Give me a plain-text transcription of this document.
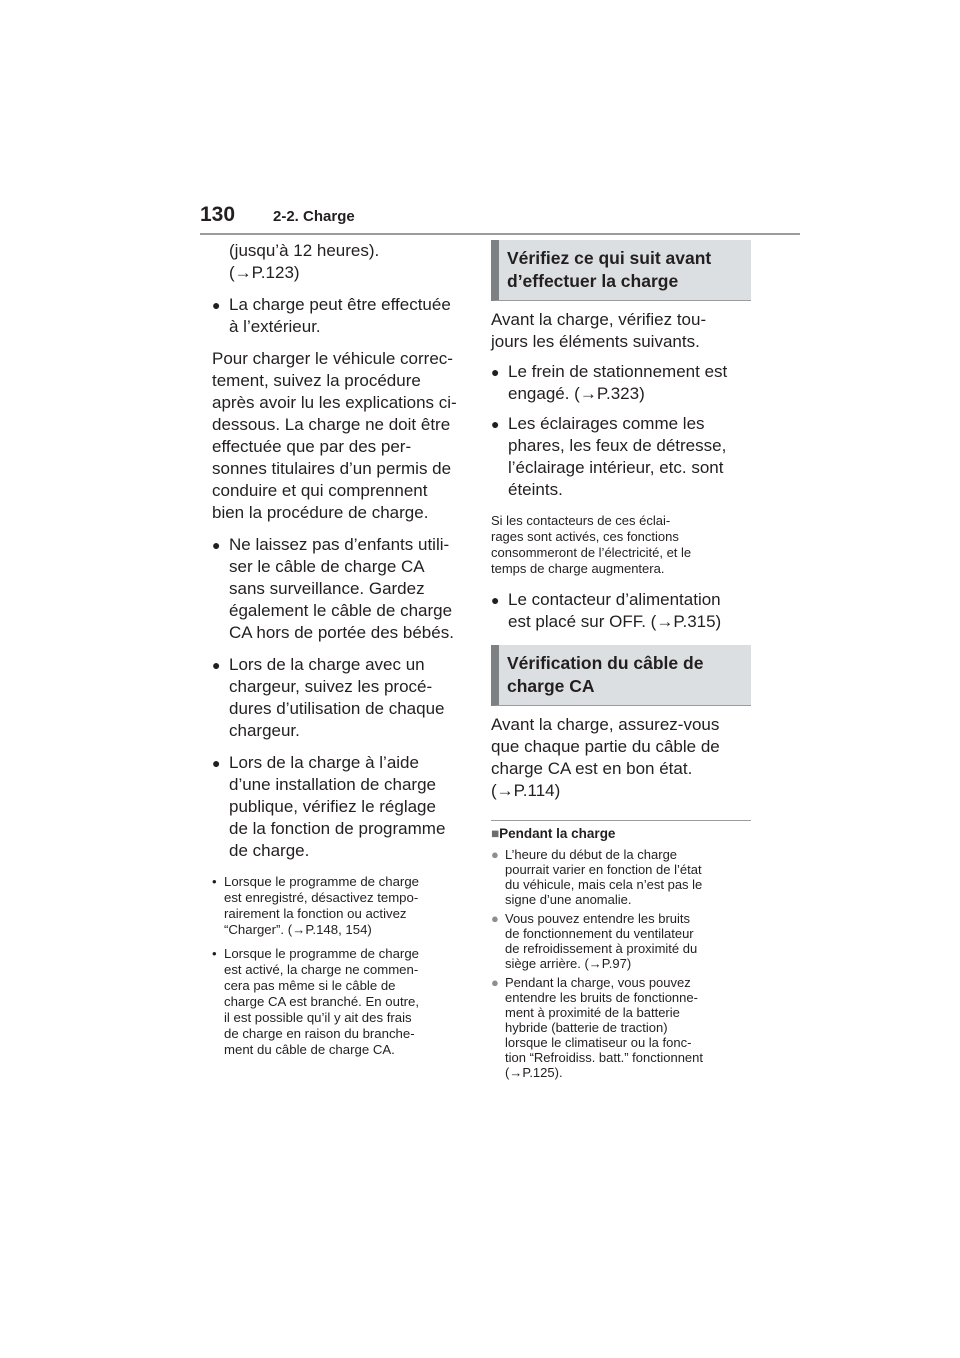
130	2-2. Charge

(jusqu’à 12 heures).

(→P.123)

● La charge peut être effectuée
à l’extérieur.
Pour charger le véhicule correc-
tement, suivez la procédure
après avoir lu les explications ci-
dessous. La charge ne doit être
effectuée que par des per-
sonnes titulaires d’un permis de
conduire et qui comprennent
bien la procédure de charge.
● Ne laissez pas d’enfants utili-
ser le câble de charge CA
sans surveillance. Gardez
également le câble de charge
CA hors de portée des bébés.
● Lors de la charge avec un
chargeur, suivez les procé-
dures d’utilisation de chaque
chargeur.
● Lors de la charge à l’aide
d’une installation de charge
publique, vérifiez le réglage
de la fonction de programme
de charge.
• Lorsque le programme de charge
est enregistré, désactivez tempo-
rairement la fonction ou activez
“Charger”. (→P.148, 154)
• Lorsque le programme de charge
est activé, la charge ne commen-
cera pas même si le câble de
charge CA est branché. En outre,
il est possible qu’il y ait des frais
de charge en raison du branche-
ment du câble de charge CA.
Vérifiez ce qui suit avant
d’effectuer la charge
Avant la charge, vérifiez tou-
jours les éléments suivants.
● Le frein de stationnement est
engagé. (→P.323)
● Les éclairages comme les
phares, les feux de détresse,
l’éclairage intérieur, etc. sont
éteints.
Si les contacteurs de ces éclai-
rages sont activés, ces fonctions
consommeront de l’électricité, et le
temps de charge augmentera.
● Le contacteur d’alimentation
est placé sur OFF. (→P.315)
Vérification du câble de
charge CA
Avant la charge, assurez-vous
que chaque partie du câble de
charge CA est en bon état.
(→P.114)
■Pendant la charge
● L’heure du début de la charge
pourrait varier en fonction de l’état
du véhicule, mais cela n’est pas le
signe d’une anomalie.
● Vous pouvez entendre les bruits
de fonctionnement du ventilateur
de refroidissement à proximité du
siège arrière. (→P.97)
● Pendant la charge, vous pouvez
entendre les bruits de fonctionne-
ment à proximité de la batterie
hybride (batterie de traction)
lorsque le climatiseur ou la fonc-
tion “Refroidiss. batt.” fonctionnent
(→P.125).
